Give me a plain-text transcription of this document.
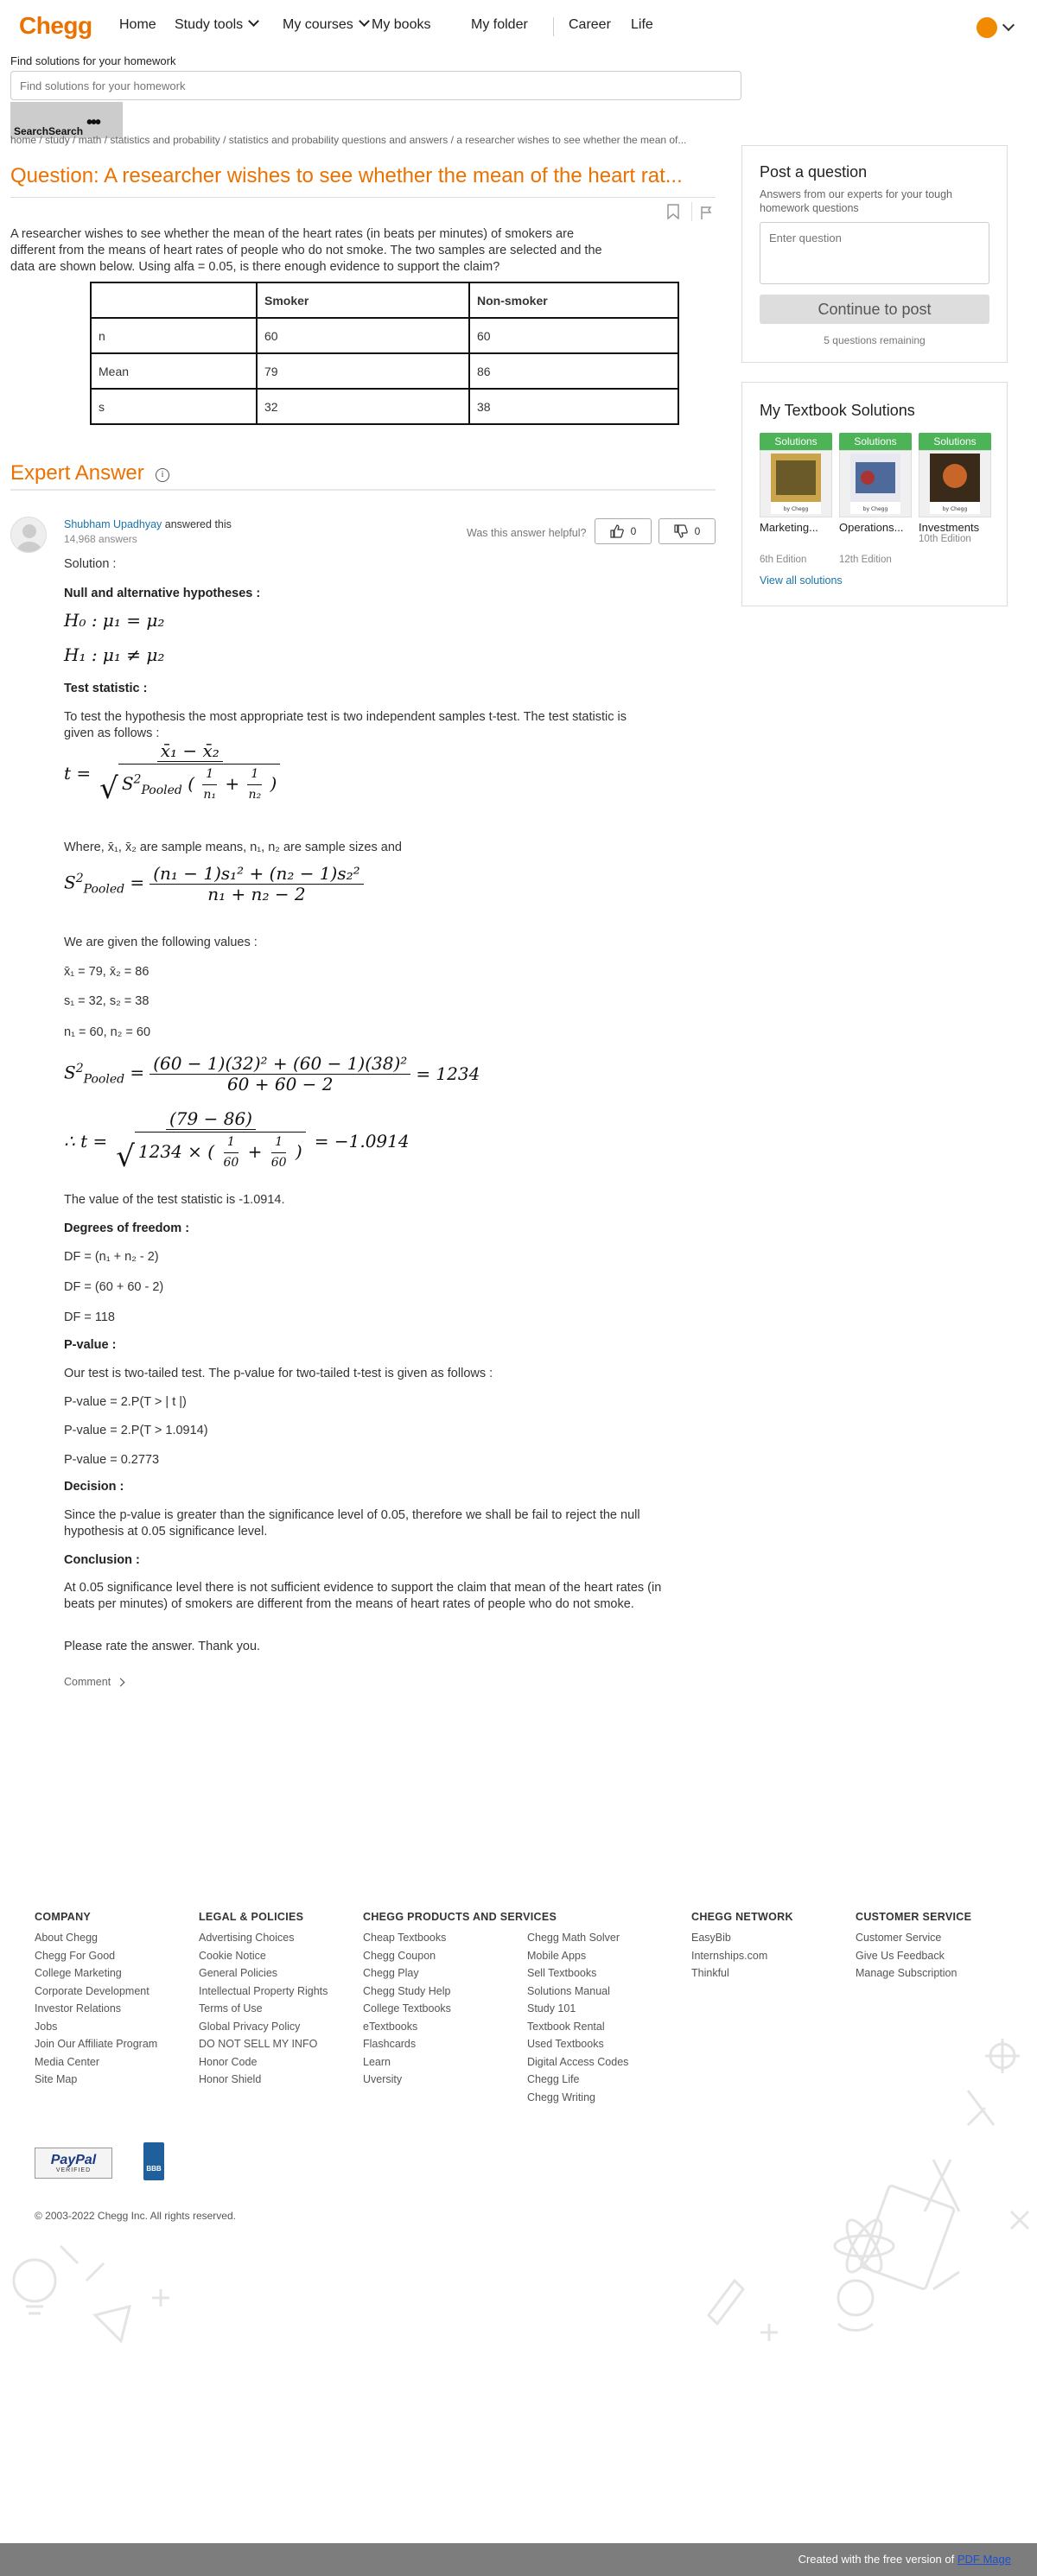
Chegg Home Study tools	My courses	My books	My folder	Career Life
Find solutions for your homework
Find solutions for your homework
SearchSearch •••
home / study / math / statistics and probability / statistics and probability questions and answers / a researcher wishes to see whether the mean of...
Question: A researcher wishes to see whether the mean of the heart rat...
A researcher wishes to see whether the mean of the heart rates (in beats per minutes) of smokers are different from the means of heart rates of people who do not smoke. The two samples are selected and the data are shown below. Using alfa = 0.05, is there enough evidence to support the claim?
	Smoker	Non-smoker
n	60	60
Mean	79	86
s	32	38
Expert Answer	i
Shubham Upadhyay answered this
14,968 answers	Was this answer helpful?	0	0
Solution :
Null and alternative hypotheses :
H₀ : μ₁ = μ₂
H₁ : μ₁ ≠ μ₂
Test statistic :
To test the hypothesis the most appropriate test is two independent samples t-test. The test statistic is given as follows :
$t = \frac{\text{x̄₁ − x̄₂}}{√ S^2_{Pooled} ( \frac{1}{\text{n₁}} + \frac{1}{\text{n₂}} )}$
Where, x̄₁, x̄₂ are sample means, n₁, n₂ are sample sizes and
$S^2_{Pooled} = \frac{\text{(n₁ − 1)s₁² + (n₂ − 1)s₂²}}{\text{n₁ + n₂ − 2}}$
We are given the following values :
x̄₁ = 79, x̄₂ = 86
s₁ = 32, s₂ = 38
n₁ = 60, n₂ = 60
$S^2_{Pooled} = \frac{\text{(60 − 1)(32)² + (60 − 1)(38)²}}{60 + 60 - 2} = 1234$
∴ $t = \frac{(79 - 86)}{√ 1234 \times ( \frac{1}{60} + \frac{1}{60} )} = -1.0914$
The value of the test statistic is -1.0914.
Degrees of freedom :
DF = (n₁ + n₂ - 2)
DF = (60 + 60 - 2)
DF = 118
P-value :
Our test is two-tailed test. The p-value for two-tailed t-test is given as follows :
P-value = 2.P(T > | t |)
P-value = 2.P(T > 1.0914)
P-value = 0.2773
Decision :
Since the p-value is greater than the significance level of 0.05, therefore we shall be fail to reject the null hypothesis at 0.05 significance level.
Conclusion :
At 0.05 significance level there is not sufficient evidence to support the claim that mean of the heart rates (in beats per minutes) of smokers are different from the means of heart rates of people who do not smoke.
Please rate the answer. Thank you.
Comment
Post a question
Answers from our experts for your tough homework questions
Enter question
Continue to post
5 questions remaining
My Textbook Solutions
Solutions
by Chegg
Marketing...
6th Edition
Solutions
by Chegg
Operations...
12th Edition
Solutions
by Chegg
Investments
10th Edition
View all solutions
COMPANY
About Chegg
Chegg For Good
College Marketing
Corporate Development
Investor Relations
Jobs
Join Our Affiliate Program
Media Center
Site Map
LEGAL & POLICIES
Advertising Choices
Cookie Notice
General Policies
Intellectual Property Rights
Terms of Use
Global Privacy Policy
DO NOT SELL MY INFO
Honor Code
Honor Shield
CHEGG PRODUCTS AND SERVICES
Cheap Textbooks
Chegg Coupon
Chegg Play
Chegg Study Help
College Textbooks
eTextbooks
Flashcards
Learn
Uversity
Chegg Math Solver
Mobile Apps
Sell Textbooks
Solutions Manual
Study 101
Textbook Rental
Used Textbooks
Digital Access Codes
Chegg Life
Chegg Writing
CHEGG NETWORK
EasyBib
Internships.com
Thinkful
CUSTOMER SERVICE
Customer Service
Give Us Feedback
Manage Subscription
PayPal
VERIFIED	BBB
© 2003-2022 Chegg Inc. All rights reserved.
Created with the free version of PDF Mage
